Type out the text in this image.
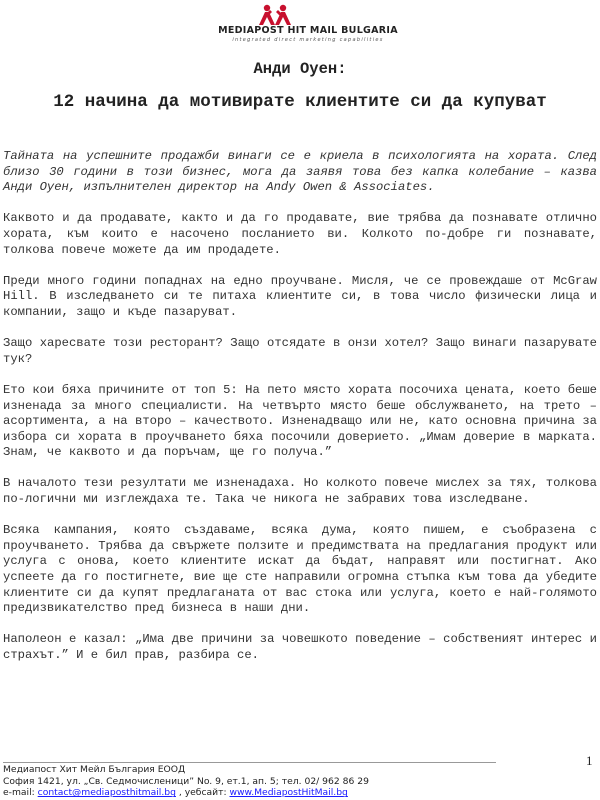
MEDIAPOST HIT MAIL BULGARIA
integrated direct marketing capabilities
Анди Оуен:
12 начина да мотивирате клиентите си да купуват

Тайната на успешните продажби винаги се е криела в психологията на хората. След близо 30 години в този бизнес, мога да заявя това без капка колебание – казва Анди Оуен, изпълнителен директор на Andy Owen & Associates.

Каквото и да продавате, както и да го продавате, вие трябва да познавате отлично хората, към които е насочено посланието ви. Колкото по-добре ги познавате, толкова повече можете да им продадете.

Преди много години попаднах на едно проучване. Мисля, че се провеждаше от McGraw Hill. В изследването си те питаха клиентите си, в това число физически лица и компании, защо и къде пазаруват.

Защо харесвате този ресторант? Защо отсядате в онзи хотел? Защо винаги пазарувате тук?

Ето кои бяха причините от топ 5: На пето място хората посочиха цената, което беше изненада за много специалисти. На четвърто място беше обслужването, на трето – асортимента, а на второ – качеството. Изненадващо или не, като основна причина за избора си хората в проучването бяха посочили доверието. „Имам доверие в марката. Знам, че каквото и да поръчам, ще го получа.”

В началото тези резултати ме изненадаха. Но колкото повече мислех за тях, толкова по-логични ми изглеждаха те. Така че никога не забравих това изследване.

Всяка кампания, която създаваме, всяка дума, която пишем, е съобразена с проучването. Трябва да свържете ползите и предимствата на предлагания продукт или услуга с онова, което клиентите искат да бъдат, направят или постигнат. Ако успеете да го постигнете, вие ще сте направили огромна стъпка към това да убедите клиентите си да купят предлаганата от вас стока или услуга, което е най-голямото предизвикателство пред бизнеса в наши дни.

Наполеон е казал: „Има две причини за човешкото поведение – собственият интерес и страхът.” И е бил прав, разбира се.

1
Медиапост Хит Мейл България ЕООД
София 1421, ул. „Св. Седмочисленици” No. 9, ет.1, ап. 5; тел. 02/ 962 86 29
e-mail: contact@mediaposthitmail.bg , уебсайт: www.MediapostHitMail.bg
